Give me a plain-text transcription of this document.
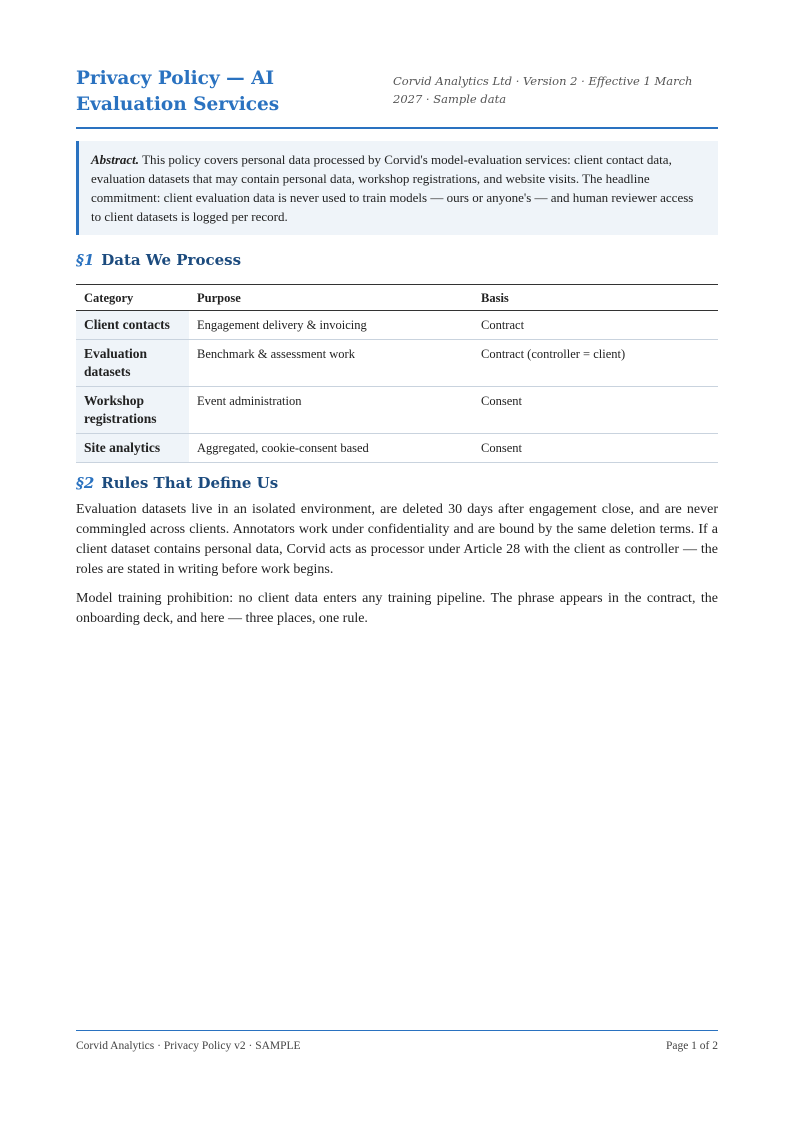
Privacy Policy — AI Evaluation Services
Corvid Analytics Ltd · Version 2 · Effective 1 March 2027 · Sample data
Abstract. This policy covers personal data processed by Corvid's model-evaluation services: client contact data, evaluation datasets that may contain personal data, workshop registrations, and website visits. The headline commitment: client evaluation data is never used to train models — ours or anyone's — and human reviewer access to client datasets is logged per record.
§1 Data We Process
Category	Purpose	Basis
Client contacts	Engagement delivery & invoicing	Contract
Evaluation datasets	Benchmark & assessment work	Contract (controller = client)
Workshop registrations	Event administration	Consent
Site analytics	Aggregated, cookie-consent based	Consent
§2 Rules That Define Us

Evaluation datasets live in an isolated environment, are deleted 30 days after engagement close, and are never commingled across clients. Annotators work under confidentiality and are bound by the same deletion terms. If a client dataset contains personal data, Corvid acts as processor under Article 28 with the client as controller — the roles are stated in writing before work begins.

Model training prohibition: no client data enters any training pipeline. The phrase appears in the contract, the onboarding deck, and here — three places, one rule.

Corvid Analytics · Privacy Policy v2 · SAMPLE	Page 1 of 2
